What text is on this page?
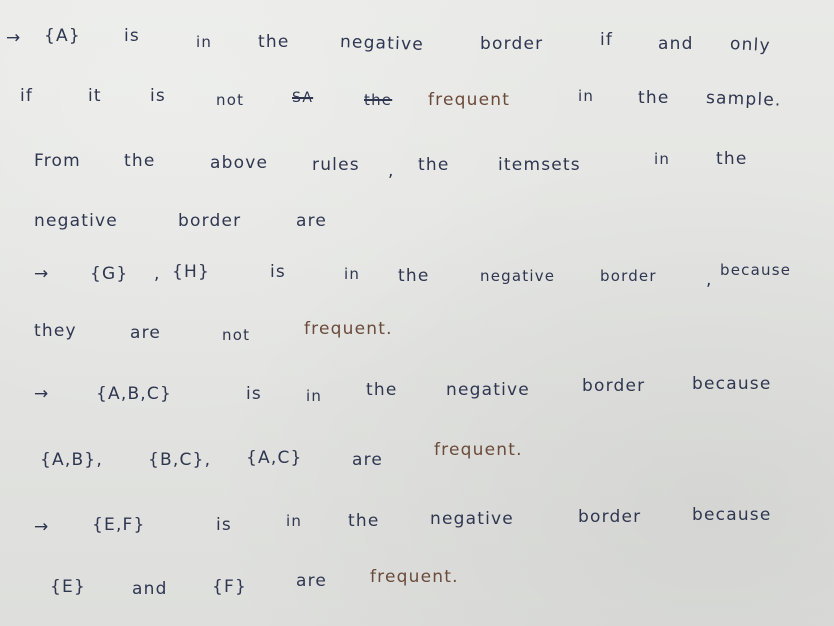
→ {A}	is	in	the	negative	border	if	and only
if	it	is	not	SA	the frequent	in	the sample.
From	the	above	rules , the	itemsets	in	the
negative	border	are
→ {G} , {H}	is	in the	negative	border	, because
they	are	not	frequent.
→	{A,B,C}	is	in	the	negative	border	because
{A,B},	{B,C}, {A,C}	are	frequent.
→	{E,F}	is	in	the	negative	border	because
{E}	and	{F}	are	frequent.
